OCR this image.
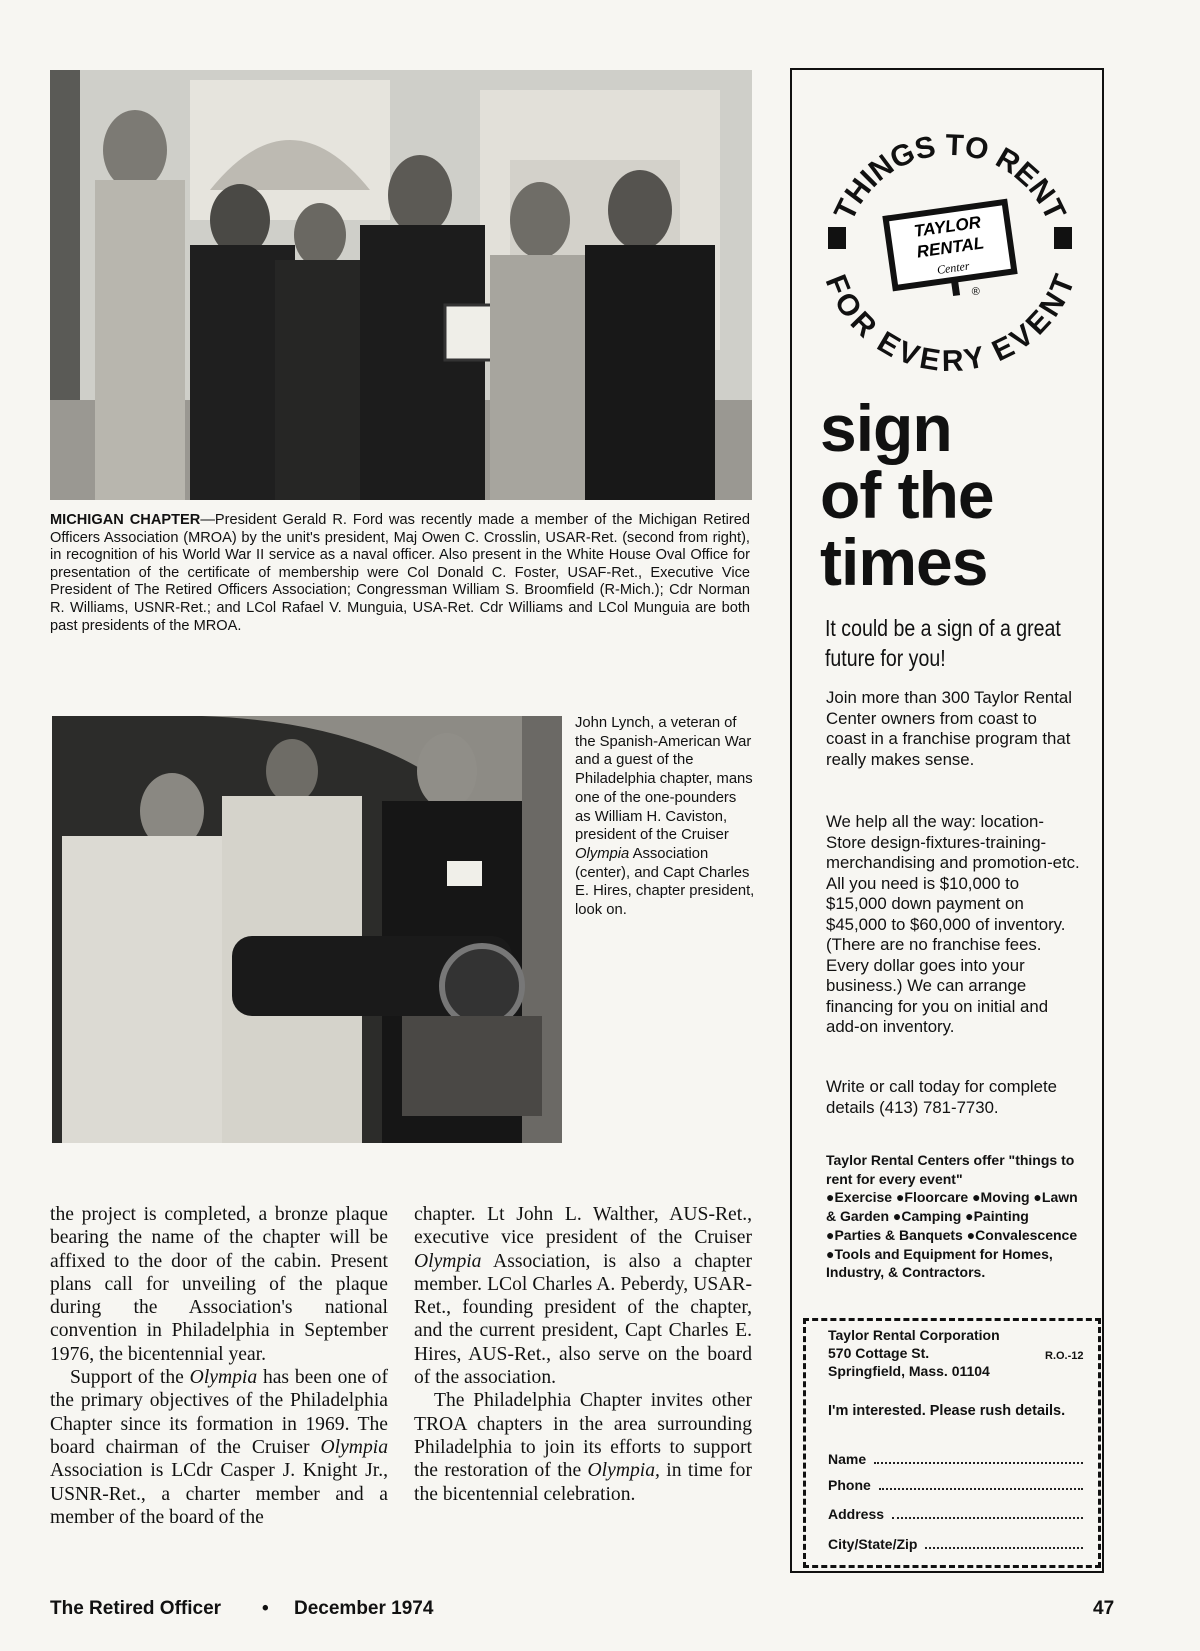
MICHIGAN CHAPTER—President Gerald R. Ford was recently made a member of the Michigan Retired Officers Association (MROA) by the unit's president, Maj Owen C. Crosslin, USAR-Ret. (second from right), in recognition of his World War II service as a naval officer. Also present in the White House Oval Office for presentation of the certificate of membership were Col Donald C. Foster, USAF-Ret., Executive Vice President of The Retired Officers Association; Congressman William S. Broomfield (R-Mich.); Cdr Norman R. Williams, USNR-Ret.; and LCol Rafael V. Munguia, USA-Ret. Cdr Williams and LCol Munguia are both past presidents of the MROA.
John Lynch, a veteran of the Spanish-American War and a guest of the Philadelphia chapter, mans one of the one-pounders as William H. Caviston, president of the Cruiser Olympia Association (center), and Capt Charles E. Hires, chapter president, look on.

the project is completed, a bronze plaque bearing the name of the chapter will be affixed to the door of the cabin. Present plans call for unveiling of the plaque during the Association's national convention in Philadelphia in September 1976, the bicentennial year.

Support of the Olympia has been one of the primary objectives of the Philadelphia Chapter since its formation in 1969. The board chairman of the Cruiser Olympia Association is LCdr Casper J. Knight Jr., USNR-Ret., a charter member and a member of the board of the

chapter. Lt John L. Walther, AUS-Ret., executive vice president of the Cruiser Olympia Association, is also a chapter member. LCol Charles A. Peberdy, USAR-Ret., founding president of the chapter, and the current president, Capt Charles E. Hires, AUS-Ret., also serve on the board of the association.

The Philadelphia Chapter invites other TROA chapters in the area surrounding Philadelphia to join its efforts to support the restoration of the Olympia, in time for the bicentennial celebration.

THINGS TO RENT
FOR EVERY EVENT
TAYLOR
RENTAL
Center
®
sign
of the
times
It could be a sign of a great future for you!
Join more than 300 Taylor Rental Center owners from coast to coast in a franchise program that really makes sense.
We help all the way: location-Store design-fixtures-training-merchandising and promotion-etc. All you need is $10,000 to $15,000 down payment on $45,000 to $60,000 of inventory. (There are no franchise fees. Every dollar goes into your business.) We can arrange financing for you on initial and add-on inventory.
Write or call today for complete details (413) 781-7730.
Taylor Rental Centers offer "things to rent for every event"
●Exercise ●Floorcare ●Moving ●Lawn & Garden ●Camping ●Painting ●Parties & Banquets ●Convalescence ●Tools and Equipment for Homes, Industry, & Contractors.
Taylor Rental Corporation
570 Cottage St.	R.O.-12
Springfield, Mass. 01104
I'm interested. Please rush details.
Name
Phone
Address
City/State/Zip
The Retired Officer • December 1974	47
